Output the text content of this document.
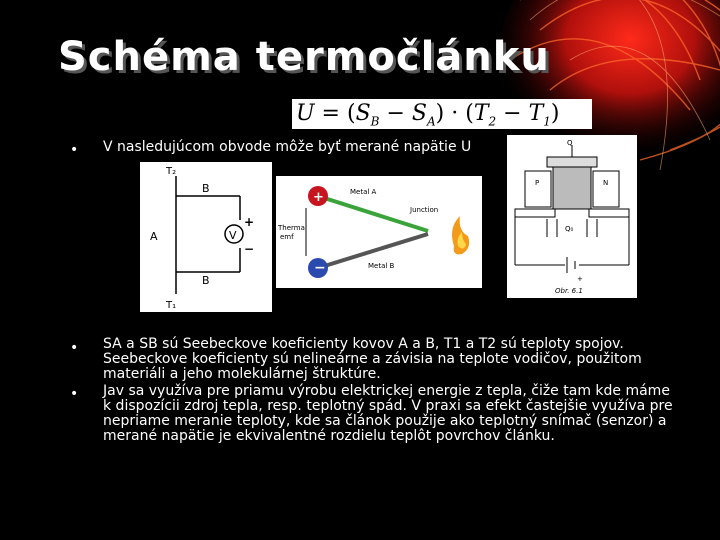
Schéma termočlánku
$U = (S_B - S_A) \cdot (T_2 - T_1)$
• V nasledujúcom obvode môže byť merané napätie U
T₂
B
A	V
+
−
B
T₁
+
−
Metal A
Junction
Thermal
emf
Metal B
Q
P	N
Q₀
+
Obr. 6.1
• SA a SB sú Seebeckove koeficienty kovov A a B, T1 a T2 sú teploty spojov. Seebeckove koeficienty sú nelineárne a závisia na teplote vodičov, použitom materiáli a jeho molekulárnej štruktúre.
• Jav sa využíva pre priamu výrobu elektrickej energie z tepla, čiže tam kde máme k dispozícii zdroj tepla, resp. teplotný spád. V praxi sa efekt častejšie využíva pre nepriame meranie teploty, kde sa článok použije ako teplotný snímač (senzor) a merané napätie je ekvivalentné rozdielu teplôt povrchov článku.
